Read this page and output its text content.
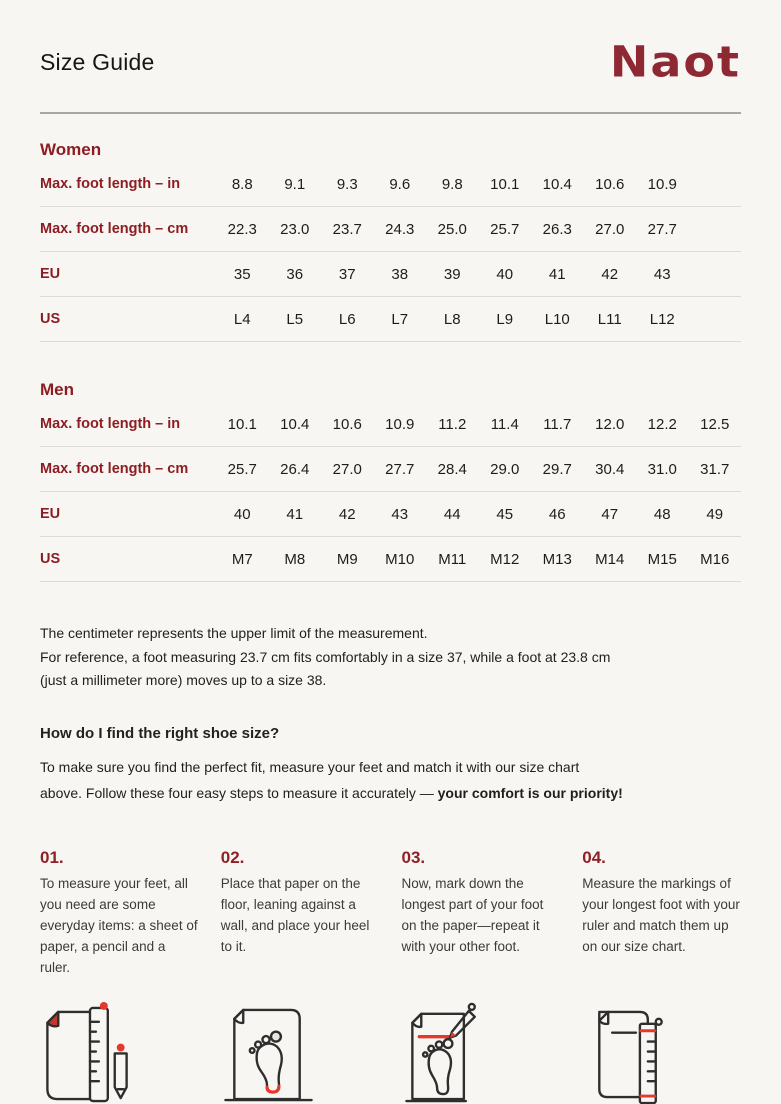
Size Guide	Naot
Women
Max. foot length – in	8.8	9.1	9.3	9.6	9.8	10.1	10.4	10.6	10.9
Max. foot length – cm	22.3	23.0	23.7	24.3	25.0	25.7	26.3	27.0	27.7
EU	35	36	37	38	39	40	41	42	43
US	L4	L5	L6	L7	L8	L9	L10	L11	L12
Men
Max. foot length – in	10.1	10.4	10.6	10.9	11.2	11.4	11.7	12.0	12.2	12.5
Max. foot length – cm	25.7	26.4	27.0	27.7	28.4	29.0	29.7	30.4	31.0	31.7
EU	40	41	42	43	44	45	46	47	48	49
US	M7	M8	M9	M10	M11	M12	M13	M14	M15	M16
The centimeter represents the upper limit of the measurement.
For reference, a foot measuring 23.7 cm fits comfortably in a size 37, while a foot at 23.8 cm
(just a millimeter more) moves up to a size 38.
How do I find the right shoe size?
To make sure you find the perfect fit, measure your feet and match it with our size chart
above. Follow these four easy steps to measure it accurately — your comfort is our priority!
01.
To measure your feet, all you need are some everyday items: a sheet of paper, a pencil and a ruler.
02.
Place that paper on the floor, leaning against a wall, and place your heel to it.
03.
Now, mark down the longest part of your foot on the paper—repeat it with your other foot.
04.
Measure the markings of your longest foot with your ruler and match them up on our size chart.
